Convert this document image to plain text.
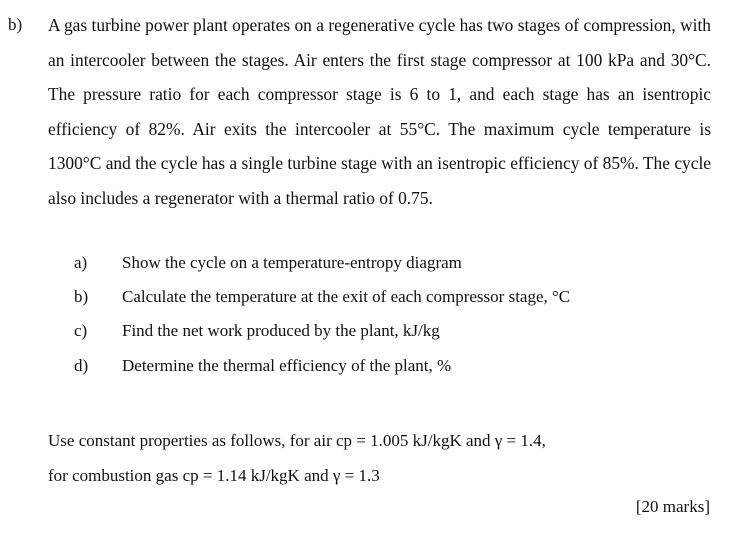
b) A gas turbine power plant operates on a regenerative cycle has two stages of compression, with an intercooler between the stages. Air enters the first stage compressor at 100 kPa and 30°C. The pressure ratio for each compressor stage is 6 to 1, and each stage has an isentropic efficiency of 82%. Air exits the intercooler at 55°C. The maximum cycle temperature is 1300°C and the cycle has a single turbine stage with an isentropic efficiency of 85%. The cycle also includes a regenerator with a thermal ratio of 0.75.
a) Show the cycle on a temperature-entropy diagram
b) Calculate the temperature at the exit of each compressor stage, °C
c) Find the net work produced by the plant, kJ/kg
d) Determine the thermal efficiency of the plant, %
Use constant properties as follows, for air cp = 1.005 kJ/kgK and γ = 1.4,
for combustion gas cp = 1.14 kJ/kgK and γ = 1.3
[20 marks]
